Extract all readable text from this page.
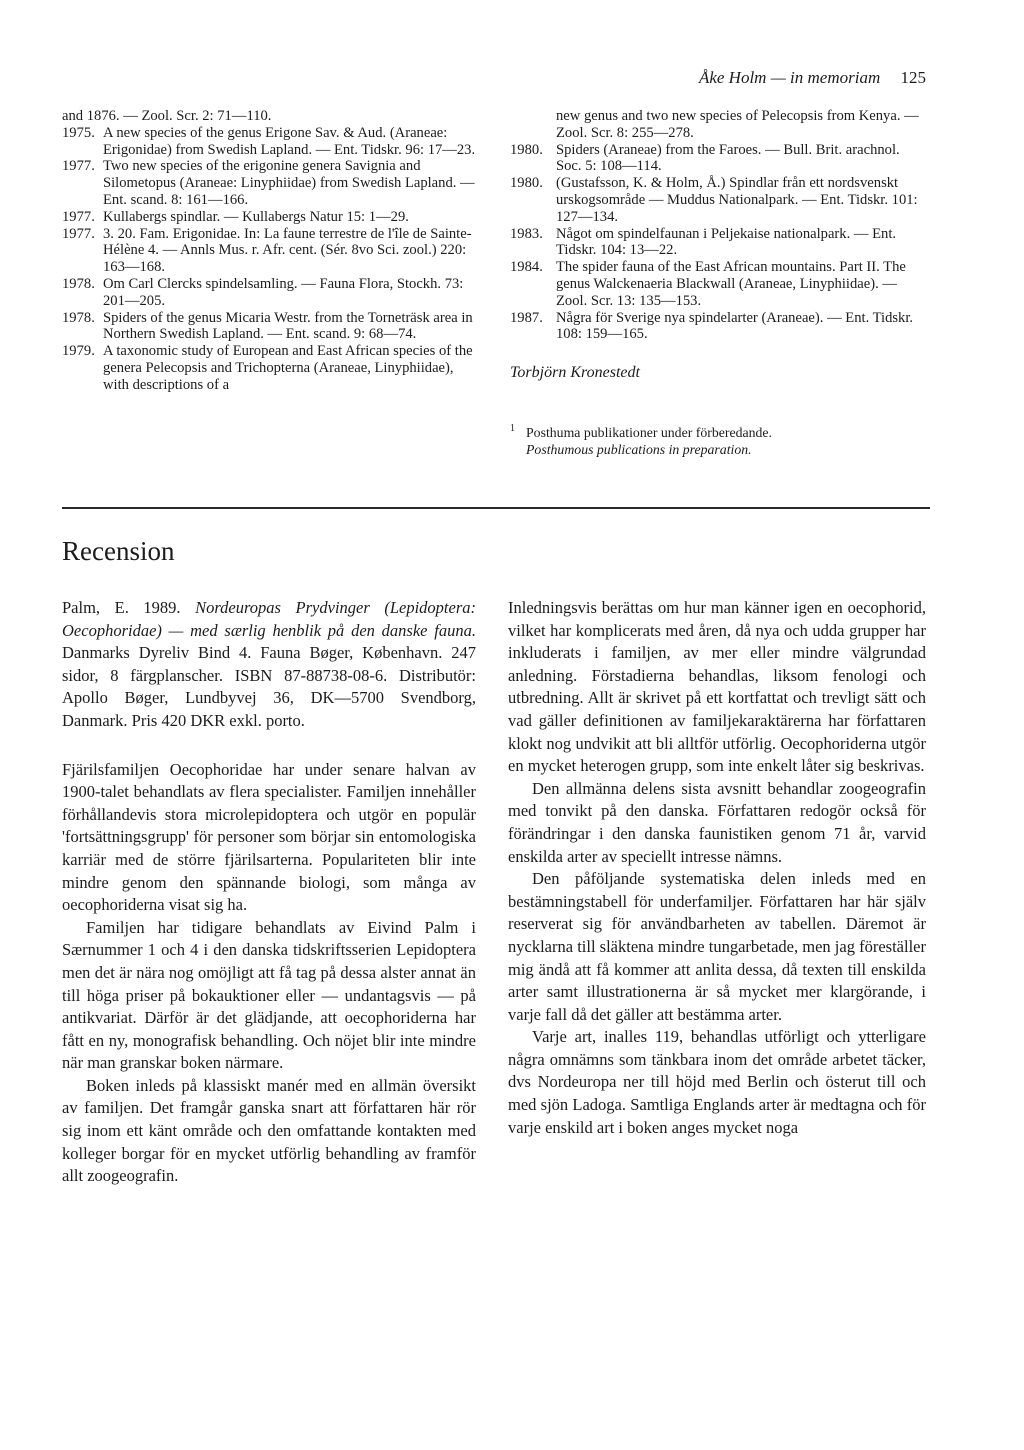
Åke Holm — in memoriam 125
and 1876. — Zool. Scr. 2: 71—110.
1975. A new species of the genus Erigone Sav. & Aud. (Araneae: Erigonidae) from Swedish Lapland. — Ent. Tidskr. 96: 17—23.
1977. Two new species of the erigonine genera Savignia and Silometopus (Araneae: Linyphiidae) from Swedish Lapland. — Ent. scand. 8: 161—166.
1977. Kullabergs spindlar. — Kullabergs Natur 15: 1—29.
1977. 3. 20. Fam. Erigonidae. In: La faune terrestre de l'île de Sainte-Hélène 4. — Annls Mus. r. Afr. cent. (Sér. 8vo Sci. zool.) 220: 163—168.
1978. Om Carl Clercks spindelsamling. — Fauna Flora, Stockh. 73: 201—205.
1978. Spiders of the genus Micaria Westr. from the Torneträsk area in Northern Swedish Lapland. — Ent. scand. 9: 68—74.
1979. A taxonomic study of European and East African species of the genera Pelecopsis and Trichopterna (Araneae, Linyphiidae), with descriptions of a
new genus and two new species of Pelecopsis from Kenya. — Zool. Scr. 8: 255—278.
1980. Spiders (Araneae) from the Faroes. — Bull. Brit. arachnol. Soc. 5: 108—114.
1980. (Gustafsson, K. & Holm, Å.) Spindlar från ett nordsvenskt urskogsområde — Muddus Nationalpark. — Ent. Tidskr. 101: 127—134.
1983. Något om spindelfaunan i Peljekaise nationalpark. — Ent. Tidskr. 104: 13—22.
1984. The spider fauna of the East African mountains. Part II. The genus Walckenaeria Blackwall (Araneae, Linyphiidae). — Zool. Scr. 13: 135—153.
1987. Några för Sverige nya spindelarter (Araneae). — Ent. Tidskr. 108: 159—165.
Torbjörn Kronestedt
1 Posthuma publikationer under förberedande.
Posthumous publications in preparation.
Recension

Palm, E. 1989. Nordeuropas Prydvinger (Lepidoptera: Oecophoridae) — med særlig henblik på den danske fauna. Danmarks Dyreliv Bind 4. Fauna Bøger, København. 247 sidor, 8 färgplanscher. ISBN 87-88738-08-6. Distributör: Apollo Bøger, Lundbyvej 36, DK—5700 Svendborg, Danmark. Pris 420 DKR exkl. porto.

Fjärilsfamiljen Oecophoridae har under senare halvan av 1900-talet behandlats av flera specialister. Familjen innehåller förhållandevis stora microlepidoptera och utgör en populär 'fortsättningsgrupp' för personer som börjar sin entomologiska karriär med de större fjärilsarterna. Populariteten blir inte mindre genom den spännande biologi, som många av oecophoriderna visat sig ha.

Familjen har tidigare behandlats av Eivind Palm i Særnummer 1 och 4 i den danska tidskriftsserien Lepidoptera men det är nära nog omöjligt att få tag på dessa alster annat än till höga priser på bokauktioner eller — undantagsvis — på antikvariat. Därför är det glädjande, att oecophoriderna har fått en ny, monografisk behandling. Och nöjet blir inte mindre när man granskar boken närmare.

Boken inleds på klassiskt manér med en allmän översikt av familjen. Det framgår ganska snart att författaren här rör sig inom ett känt område och den omfattande kontakten med kolleger borgar för en mycket utförlig behandling av framför allt zoogeografin.

Inledningsvis berättas om hur man känner igen en oecophorid, vilket har komplicerats med åren, då nya och udda grupper har inkluderats i familjen, av mer eller mindre välgrundad anledning. Förstadierna behandlas, liksom fenologi och utbredning. Allt är skrivet på ett kortfattat och trevligt sätt och vad gäller definitionen av familjekaraktärerna har författaren klokt nog undvikit att bli alltför utförlig. Oecophoriderna utgör en mycket heterogen grupp, som inte enkelt låter sig beskrivas.

Den allmänna delens sista avsnitt behandlar zoogeografin med tonvikt på den danska. Författaren redogör också för förändringar i den danska faunistiken genom 71 år, varvid enskilda arter av speciellt intresse nämns.

Den påföljande systematiska delen inleds med en bestämningstabell för underfamiljer. Författaren har här själv reserverat sig för användbarheten av tabellen. Däremot är nycklarna till släktena mindre tungarbetade, men jag föreställer mig ändå att få kommer att anlita dessa, då texten till enskilda arter samt illustrationerna är så mycket mer klargörande, i varje fall då det gäller att bestämma arter.

Varje art, inalles 119, behandlas utförligt och ytterligare några omnämns som tänkbara inom det område arbetet täcker, dvs Nordeuropa ner till höjd med Berlin och österut till och med sjön Ladoga. Samtliga Englands arter är medtagna och för varje enskild art i boken anges mycket noga
